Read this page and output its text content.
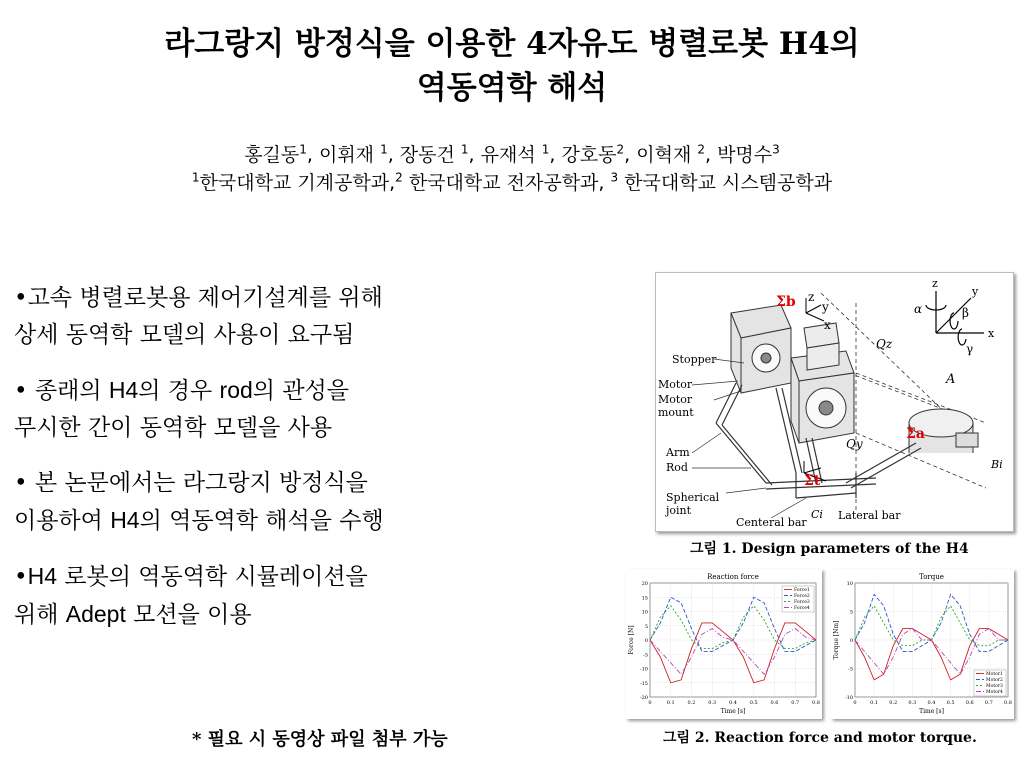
라그랑지 방정식을 이용한 4자유도 병렬로봇 H4의
역동역학 해석
홍길동$^1$, 이휘재 $^1$, 장동건 $^1$, 유재석 $^1$, 강호동$^2$, 이혁재 $^2$, 박명수$^3$
$^1$한국대학교 기계공학과,$^2$ 한국대학교 전자공학과, $^3$ 한국대학교 시스템공학과
•고속 병렬로봇용 제어기설계를 위해
상세 동역학 모델의 사용이 요구됨
• 종래의 H4의 경우 rod의 관성을
무시한 간이 동역학 모델을 사용
• 본 논문에서는 라그랑지 방정식을
이용하여 H4의 역동역학 해석을 수행
•H4 로봇의 역동역학 시뮬레이션을
위해 Adept 모션을 이용
* 필요 시 동영상 파일 첨부 가능
Σb z
y
x
Stopper
Motor
Motor
mount
Arm
Rod
Spherical
joint
Centeral bar
Lateral bar
Qz
Qy
A
Σa
Σt
Bi
Ci
z
y
x
α	β
γ
그림 1. Design parameters of the H4
Reaction force
0	0.1	0.2	0.3	0.4	0.5	0.6	0.7	0.8
-20
-15
-10
-5
0
5
10
15
20
Time [s]
Force [N]
Force1
Force2
Force3
Force4
Torque
0	0.1 0.2 0.3 0.4 0.5 0.6 0.7 0.8
-10
-5
0
5
10
Time [s]
Torque [Nm]
Motor1
Motor2
Motor3
Motor4
그림 2. Reaction force and motor torque.
